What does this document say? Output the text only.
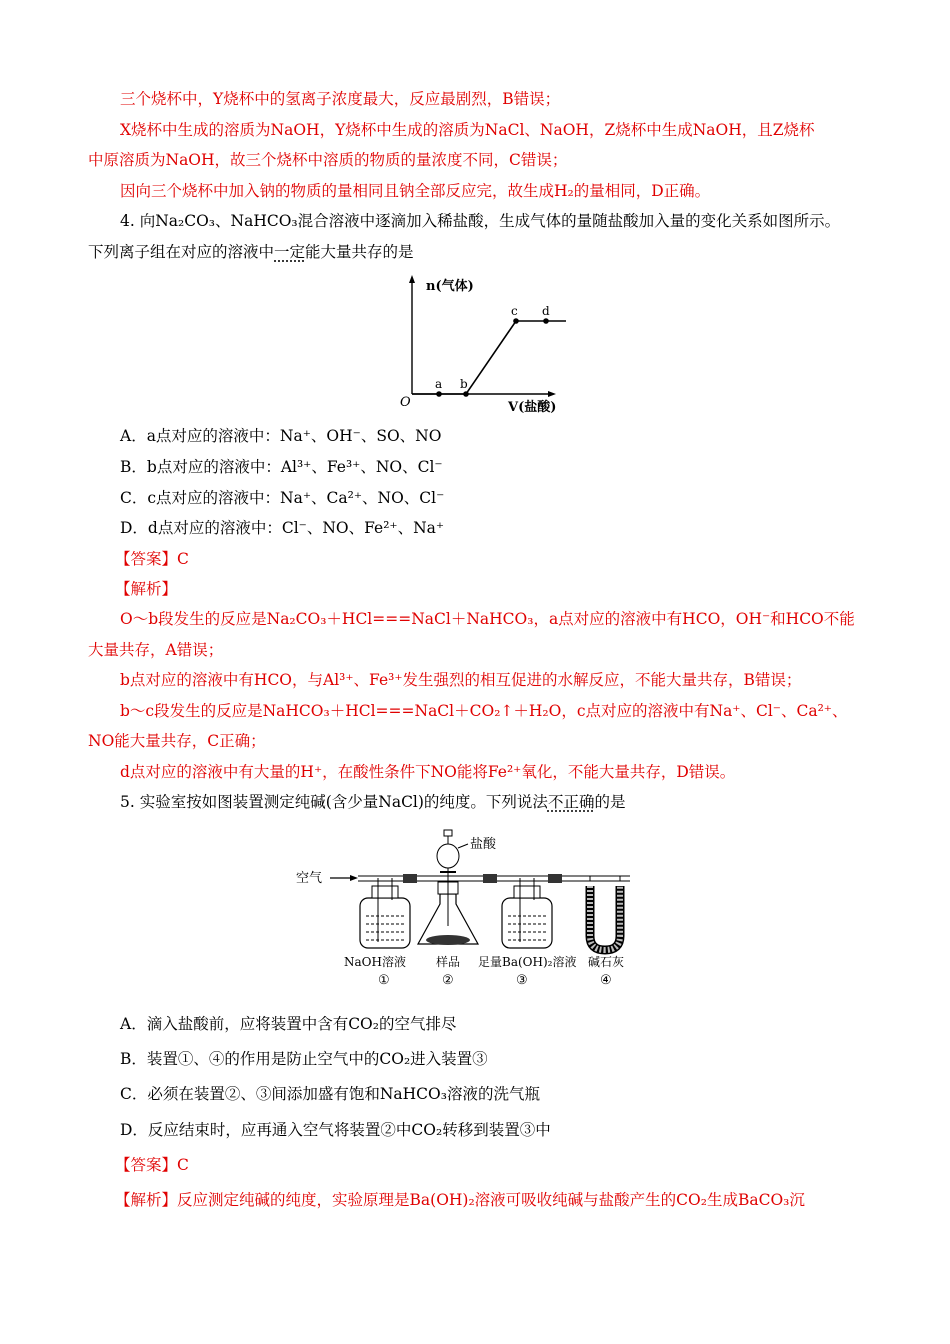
三个烧杯中，Y烧杯中的氢离子浓度最大，反应最剧烈，B错误；
X烧杯中生成的溶质为NaOH，Y烧杯中生成的溶质为NaCl、NaOH，Z烧杯中生成NaOH，且Z烧杯
中原溶质为NaOH，故三个烧杯中溶质的物质的量浓度不同，C错误；
因向三个烧杯中加入钠的物质的量相同且钠全部反应完，故生成H₂的量相同，D正确。
4. 向Na₂CO₃、NaHCO₃混合溶液中逐滴加入稀盐酸，生成气体的量随盐酸加入量的变化关系如图所示。
下列离子组在对应的溶液中一定能大量共存的是
n(气体)
V(盐酸)
O
a b
c d
A．a点对应的溶液中：Na⁺、OH⁻、SO、NO
B．b点对应的溶液中：Al³⁺、Fe³⁺、NO、Cl⁻
C．c点对应的溶液中：Na⁺、Ca²⁺、NO、Cl⁻
D．d点对应的溶液中：Cl⁻、NO、Fe²⁺、Na⁺
【答案】C
【解析】
O～b段发生的反应是Na₂CO₃＋HCl===NaCl＋NaHCO₃，a点对应的溶液中有HCO，OH⁻和HCO不能
大量共存，A错误；
b点对应的溶液中有HCO，与Al³⁺、Fe³⁺发生强烈的相互促进的水解反应，不能大量共存，B错误；
b～c段发生的反应是NaHCO₃＋HCl===NaCl＋CO₂↑＋H₂O，c点对应的溶液中有Na⁺、Cl⁻、Ca²⁺、
NO能大量共存，C正确；
d点对应的溶液中有大量的H⁺，在酸性条件下NO能将Fe²⁺氧化，不能大量共存，D错误。
5. 实验室按如图装置测定纯碱(含少量NaCl)的纯度。下列说法不正确的是
空气
盐酸
NaOH溶液	样品 足量Ba(OH)₂溶液 碱石灰
①	②	③	④
A．滴入盐酸前，应将装置中含有CO₂的空气排尽
B．装置①、④的作用是防止空气中的CO₂进入装置③
C．必须在装置②、③间添加盛有饱和NaHCO₃溶液的洗气瓶
D．反应结束时，应再通入空气将装置②中CO₂转移到装置③中
【答案】C
【解析】反应测定纯碱的纯度，实验原理是Ba(OH)₂溶液可吸收纯碱与盐酸产生的CO₂生成BaCO₃沉
